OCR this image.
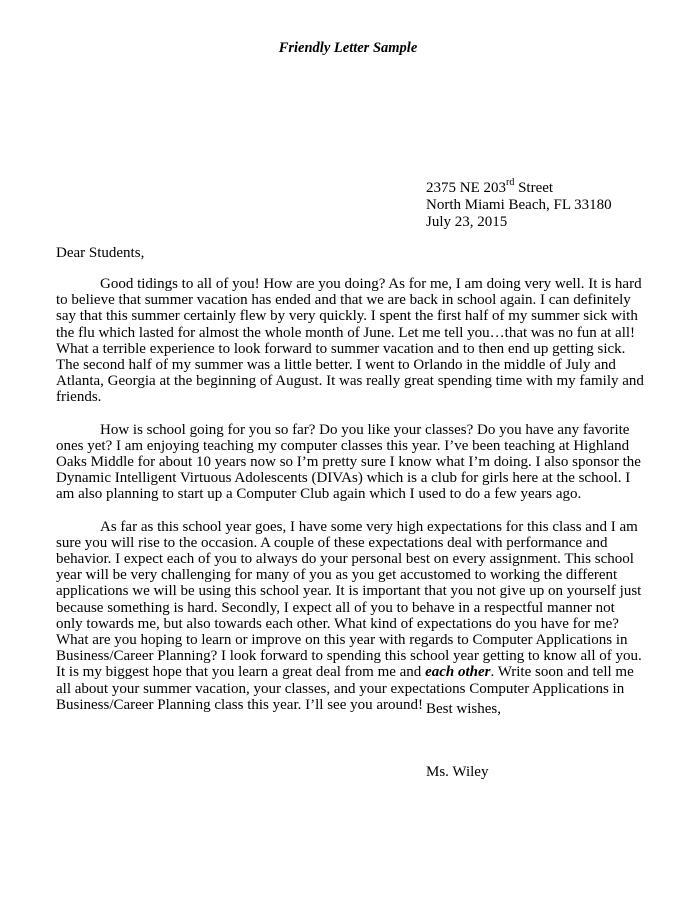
Friendly Letter Sample
2375 NE 203rd Street
North Miami Beach, FL 33180
July 23, 2015
Dear Students,

Good tidings to all of you! How are you doing? As for me, I am doing very well. It is hard to believe that summer vacation has ended and that we are back in school again. I can definitely say that this summer certainly flew by very quickly. I spent the first half of my summer sick with the flu which lasted for almost the whole month of June. Let me tell you…that was no fun at all! What a terrible experience to look forward to summer vacation and to then end up getting sick. The second half of my summer was a little better. I went to Orlando in the middle of July and Atlanta, Georgia at the beginning of August. It was really great spending time with my family and friends.

How is school going for you so far? Do you like your classes? Do you have any favorite ones yet? I am enjoying teaching my computer classes this year. I’ve been teaching at Highland Oaks Middle for about 10 years now so I’m pretty sure I know what I’m doing. I also sponsor the Dynamic Intelligent Virtuous Adolescents (DIVAs) which is a club for girls here at the school. I am also planning to start up a Computer Club again which I used to do a few years ago.

As far as this school year goes, I have some very high expectations for this class and I am sure you will rise to the occasion. A couple of these expectations deal with performance and behavior. I expect each of you to always do your personal best on every assignment. This school year will be very challenging for many of you as you get accustomed to working the different applications we will be using this school year. It is important that you not give up on yourself just because something is hard. Secondly, I expect all of you to behave in a respectful manner not only towards me, but also towards each other. What kind of expectations do you have for me? What are you hoping to learn or improve on this year with regards to Computer Applications in Business/Career Planning? I look forward to spending this school year getting to know all of you. It is my biggest hope that you learn a great deal from me and each other. Write soon and tell me all about your summer vacation, your classes, and your expectations Computer Applications in Business/Career Planning class this year. I’ll see you around! Best wishes,
Ms. Wiley
